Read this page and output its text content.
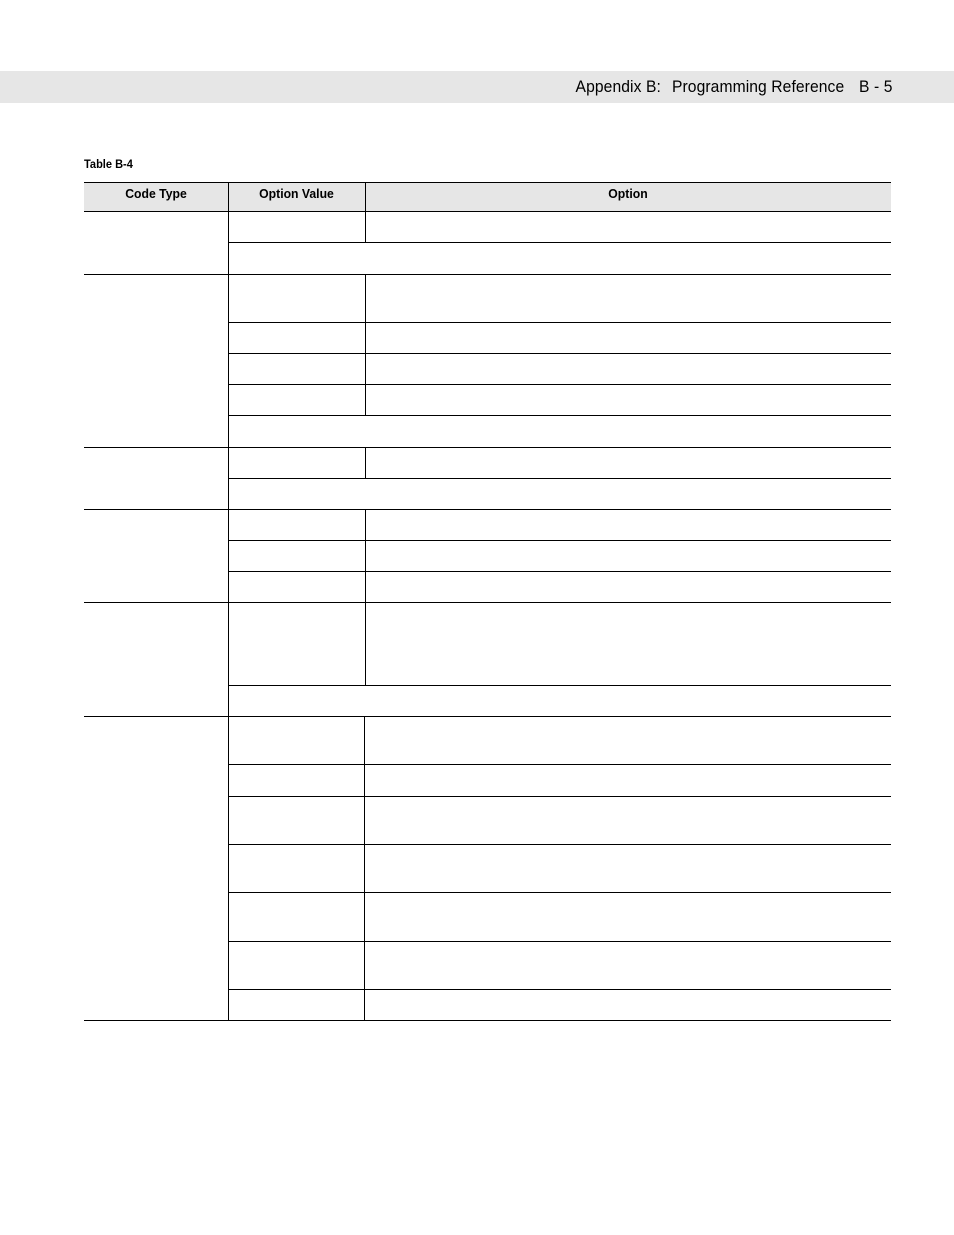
Appendix B: Programming Reference B - 5
Table B-4
Code Type	Option Value	Option
